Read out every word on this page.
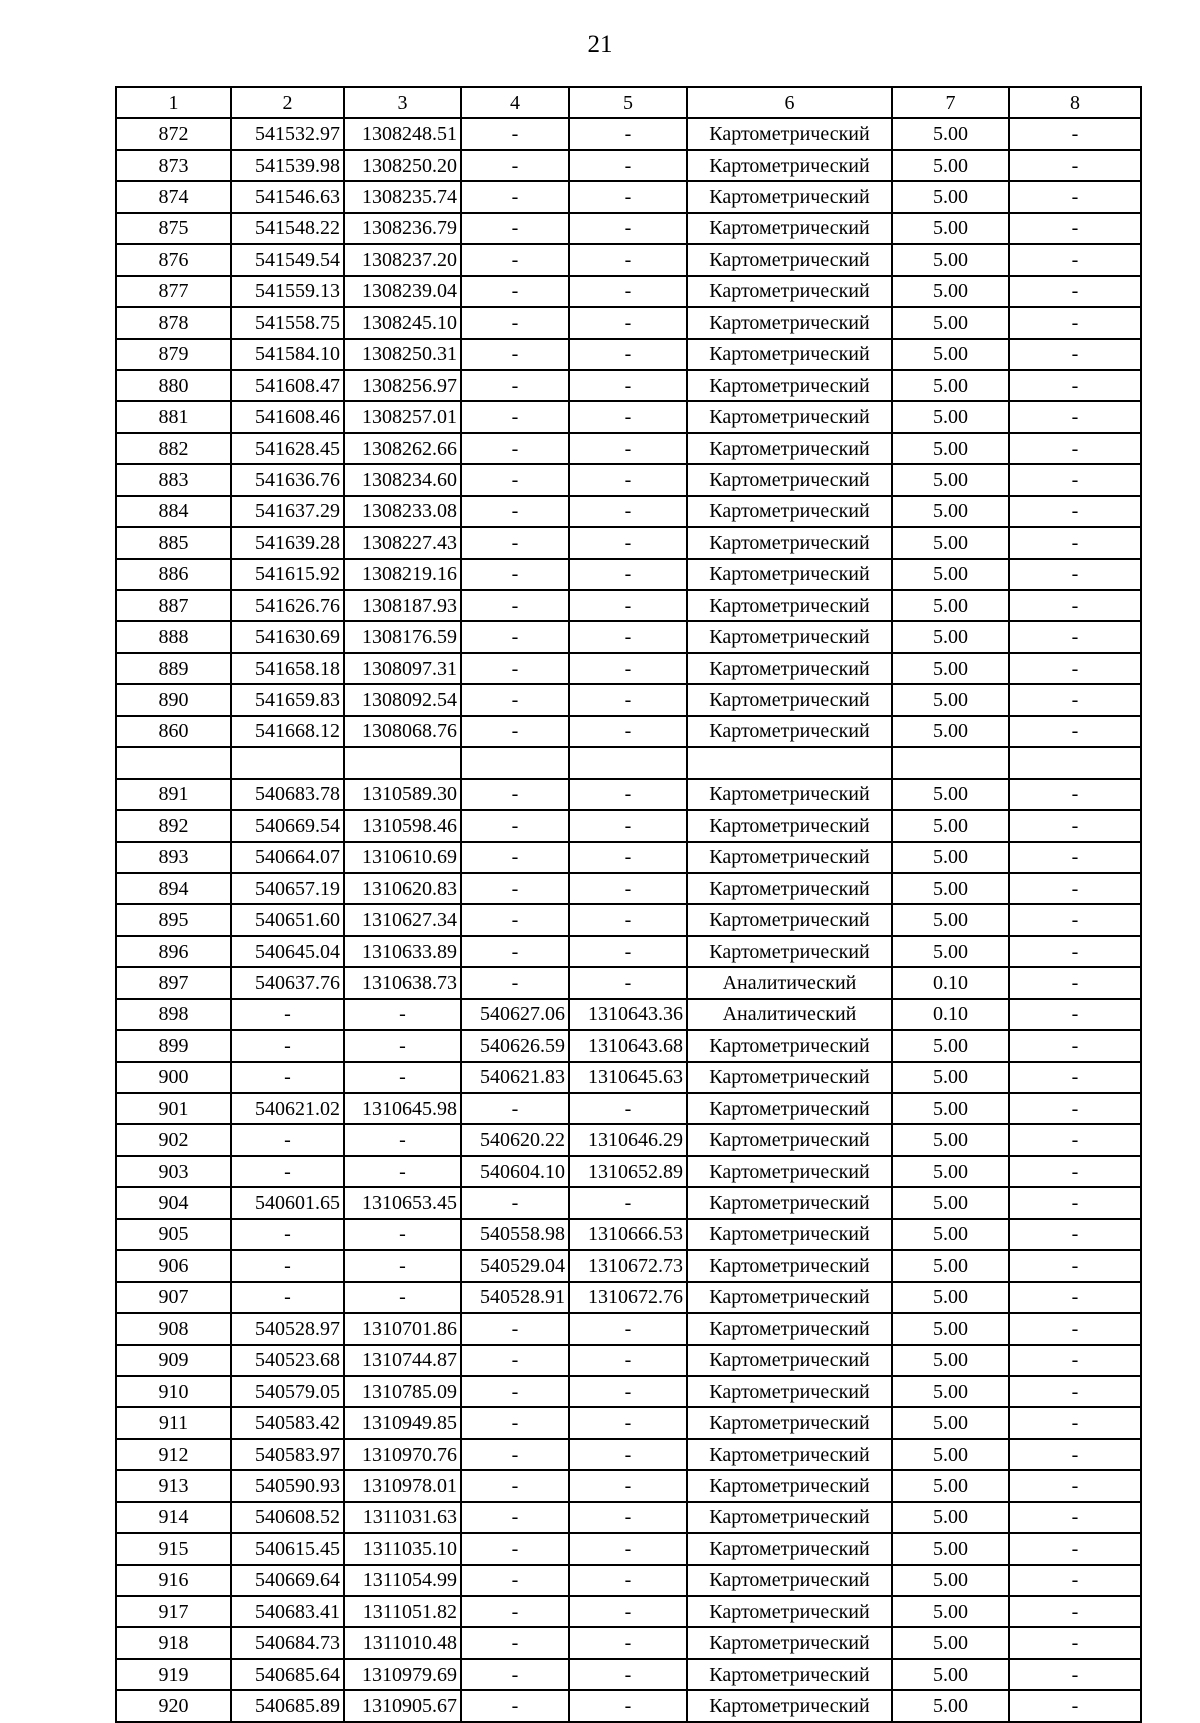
21
1	2	3	4	5	6	7	8
872	541532.97	1308248.51	-	-	Картометрический	5.00	-
873	541539.98	1308250.20	-	-	Картометрический	5.00	-
874	541546.63	1308235.74	-	-	Картометрический	5.00	-
875	541548.22	1308236.79	-	-	Картометрический	5.00	-
876	541549.54	1308237.20	-	-	Картометрический	5.00	-
877	541559.13	1308239.04	-	-	Картометрический	5.00	-
878	541558.75	1308245.10	-	-	Картометрический	5.00	-
879	541584.10	1308250.31	-	-	Картометрический	5.00	-
880	541608.47	1308256.97	-	-	Картометрический	5.00	-
881	541608.46	1308257.01	-	-	Картометрический	5.00	-
882	541628.45	1308262.66	-	-	Картометрический	5.00	-
883	541636.76	1308234.60	-	-	Картометрический	5.00	-
884	541637.29	1308233.08	-	-	Картометрический	5.00	-
885	541639.28	1308227.43	-	-	Картометрический	5.00	-
886	541615.92	1308219.16	-	-	Картометрический	5.00	-
887	541626.76	1308187.93	-	-	Картометрический	5.00	-
888	541630.69	1308176.59	-	-	Картометрический	5.00	-
889	541658.18	1308097.31	-	-	Картометрический	5.00	-
890	541659.83	1308092.54	-	-	Картометрический	5.00	-
860	541668.12	1308068.76	-	-	Картометрический	5.00	-

891	540683.78	1310589.30	-	-	Картометрический	5.00	-
892	540669.54	1310598.46	-	-	Картометрический	5.00	-
893	540664.07	1310610.69	-	-	Картометрический	5.00	-
894	540657.19	1310620.83	-	-	Картометрический	5.00	-
895	540651.60	1310627.34	-	-	Картометрический	5.00	-
896	540645.04	1310633.89	-	-	Картометрический	5.00	-
897	540637.76	1310638.73	-	-	Аналитический	0.10	-
898	-	-	540627.06	1310643.36	Аналитический	0.10	-
899	-	-	540626.59	1310643.68	Картометрический	5.00	-
900	-	-	540621.83	1310645.63	Картометрический	5.00	-
901	540621.02	1310645.98	-	-	Картометрический	5.00	-
902	-	-	540620.22	1310646.29	Картометрический	5.00	-
903	-	-	540604.10	1310652.89	Картометрический	5.00	-
904	540601.65	1310653.45	-	-	Картометрический	5.00	-
905	-	-	540558.98	1310666.53	Картометрический	5.00	-
906	-	-	540529.04	1310672.73	Картометрический	5.00	-
907	-	-	540528.91	1310672.76	Картометрический	5.00	-
908	540528.97	1310701.86	-	-	Картометрический	5.00	-
909	540523.68	1310744.87	-	-	Картометрический	5.00	-
910	540579.05	1310785.09	-	-	Картометрический	5.00	-
911	540583.42	1310949.85	-	-	Картометрический	5.00	-
912	540583.97	1310970.76	-	-	Картометрический	5.00	-
913	540590.93	1310978.01	-	-	Картометрический	5.00	-
914	540608.52	1311031.63	-	-	Картометрический	5.00	-
915	540615.45	1311035.10	-	-	Картометрический	5.00	-
916	540669.64	1311054.99	-	-	Картометрический	5.00	-
917	540683.41	1311051.82	-	-	Картометрический	5.00	-
918	540684.73	1311010.48	-	-	Картометрический	5.00	-
919	540685.64	1310979.69	-	-	Картометрический	5.00	-
920	540685.89	1310905.67	-	-	Картометрический	5.00	-
